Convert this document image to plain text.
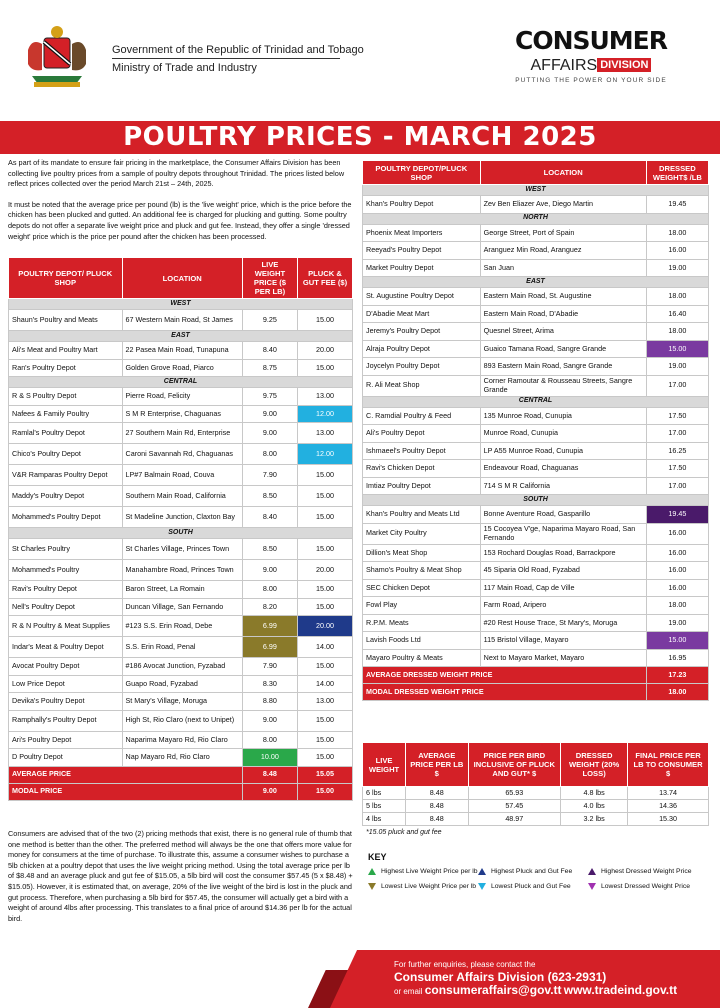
Government of the Republic of Trinidad and Tobago
Ministry of Trade and Industry
CONSUMER
AFFAIRS DIVISION
PUTTING THE POWER ON YOUR SIDE
POULTRY PRICES - MARCH 2025

As part of its mandate to ensure fair pricing in the marketplace, the Consumer Affairs Division has been collecting live poultry prices from a sample of poultry depots throughout Trinidad. The prices listed below reflect prices collected over the period March 21st – 24th, 2025.

It must be noted that the average price per pound (lb) is the 'live weight' price, which is the price before the chicken has been plucked and gutted. An additional fee is charged for plucking and gutting. Some poultry depots do not offer a separate live weight price and pluck and gut fee. Instead, they offer a single 'dressed weight' price which is the price per pound after the chicken has been processed.

POULTRY DEPOT/ PLUCK SHOP	LOCATION	LIVE WEIGHT PRICE ($ PER LB)	PLUCK & GUT FEE ($)
WEST			
Shaun's Poultry and Meats	67 Western Main Road, St James	9.25	15.00
EAST			
Ali's Meat and Poultry Mart	22 Pasea Main Road, Tunapuna	8.40	20.00
Ran's Poultry Depot	Golden Grove Road, Piarco	8.75	15.00
CENTRAL			
R & S Poultry Depot	Pierre Road, Felicity	9.75	13.00
Nafees & Family Poultry	S M R Enterprise, Chaguanas	9.00	12.00
Ramlal's Poultry Depot	27 Southern Main Rd, Enterprise	9.00	13.00
Chico's Poultry Depot	Caroni Savannah Rd, Chaguanas	8.00	12.00
V&R Ramparas Poultry Depot	LP#7 Balmain Road, Couva	7.90	15.00
Maddy's Poultry Depot	Southern Main Road, California	8.50	15.00
Mohammed's Poultry Depot	St Madeline Junction, Claxton Bay	8.40	15.00
SOUTH			
St Charles Poultry	St Charles Village, Princes Town	8.50	15.00
Mohammed's Poultry	Manahambre Road, Princes Town	9.00	20.00
Ravi's Poultry Depot	Baron Street, La Romain	8.00	15.00
Nell's Poultry Depot	Duncan Village, San Fernando	8.20	15.00
R & N Poultry & Meat Supplies	#123 S.S. Erin Road, Debe	6.99	20.00
Indar's Meat & Poultry Depot	S.S. Erin Road, Penal	6.99	14.00
Avocat Poultry Depot	#186 Avocat Junction, Fyzabad	7.90	15.00
Low Price Depot	Guapo Road, Fyzabad	8.30	14.00
Devika's Poultry Depot	St Mary's Village, Moruga	8.80	13.00
Ramphally's Poultry Depot	High St, Rio Claro (next to Unipet)	9.00	15.00
Ari's Poultry Depot	Naparima Mayaro Rd, Rio Claro	8.00	15.00
D Poultry Depot	Nap Mayaro Rd, Rio Claro	10.00	15.00
AVERAGE PRICE		8.48	15.05
MODAL PRICE		9.00	15.00
POULTRY DEPOT/PLUCK SHOP	LOCATION	DRESSED WEIGHT$ /LB
WEST		
Khan's Poultry Depot	Zev Ben Eliazer Ave, Diego Martin	19.45
NORTH		
Phoenix Meat Importers	George Street, Port of Spain	18.00
Reeyad's Poultry Depot	Aranguez Min Road, Aranguez	16.00
Market Poultry Depot	San Juan	19.00
EAST		
St. Augustine Poultry Depot	Eastern Main Road, St. Augustine	18.00
D'Abadie Meat Mart	Eastern Main Road, D'Abadie	16.40
Jeremy's Poultry Depot	Quesnel Street, Arima	18.00
Alraja Poultry Depot	Guaico Tamana Road, Sangre Grande	15.00
Joycelyn Poultry Depot	893 Eastern Main Road, Sangre Grande	19.00
R. Ali Meat Shop	Corner Ramoutar & Rousseau Streets, Sangre Grande	17.00
CENTRAL		
C. Ramdial Poultry & Feed	135 Munroe Road, Cunupia	17.50
Ali's Poultry Depot	Munroe Road, Cunupia	17.00
Ishmaeel's Poultry Depot	LP A55 Munroe Road, Cunupia	16.25
Ravi's Chicken Depot	Endeavour Road, Chaguanas	17.50
Imtiaz Poultry Depot	714 S M R California	17.00
SOUTH		
Khan's Poultry and Meats Ltd	Bonne Aventure Road, Gasparillo	19.45
Market City Poultry	15 Cocoyea V'ge, Naparima Mayaro Road, San Fernando	16.00
Dillion's Meat Shop	153 Rochard Douglas Road, Barrackpore	16.00
Shamo's Poultry & Meat Shop	45 Siparia Old Road, Fyzabad	16.00
SEC Chicken Depot	117 Main Road, Cap de Ville	16.00
Fowl Play	Farm Road, Aripero	18.00
R.P.M. Meats	#20 Rest House Trace, St Mary's, Moruga	19.00
Lavish Foods Ltd	115 Bristol Village, Mayaro	15.00
Mayaro Poultry & Meats	Next to Mayaro Market, Mayaro	16.95
AVERAGE DRESSED WEIGHT PRICE		17.23
MODAL DRESSED WEIGHT PRICE		18.00
LIVE WEIGHT	AVERAGE PRICE PER LB $	PRICE PER BIRD INCLUSIVE OF PLUCK AND GUT* $	DRESSED WEIGHT (20% LOSS)	FINAL PRICE PER LB TO CONSUMER $
6 lbs	8.48	65.93	4.8 lbs	13.74
5 lbs	8.48	57.45	4.0 lbs	14.36
4 lbs	8.48	48.97	3.2 lbs	15.30
*15.05 pluck and gut fee
Consumers are advised that of the two (2) pricing methods that exist, there is no general rule of thumb that one method is better than the other. The preferred method will always be the one that offers more value for money for consumers at the time of purchase. To illustrate this, assume a consumer wishes to purchase a 5lb chicken at a poultry depot that uses the live weight pricing method. Using the total average price per lb of $8.48 and an average pluck and gut fee of $15.05, a 5lb bird will cost the consumer $57.45 (5 x $8.48) + $15.05). However, it is estimated that, on average, 20% of the live weight of the bird is lost in the pluck and gut process. Therefore, when purchasing a 5lb bird for $57.45, the consumer will actually get a bird with a weight of around 4lbs after processing. This translates to a final price of around $14.36 per lb for the actual bird.
KEY
Highest Live Weight Price per lb Highest Pluck and Gut Fee	Highest Dressed Weight Price
Lowest Live Weight Price per lb Lowest Pluck and Gut Fee	Lowest Dressed Weight Price
For further enquiries, please contact the
Consumer Affairs Division (623-2931)
or email consumeraffairs@gov.tt www.tradeind.gov.tt
